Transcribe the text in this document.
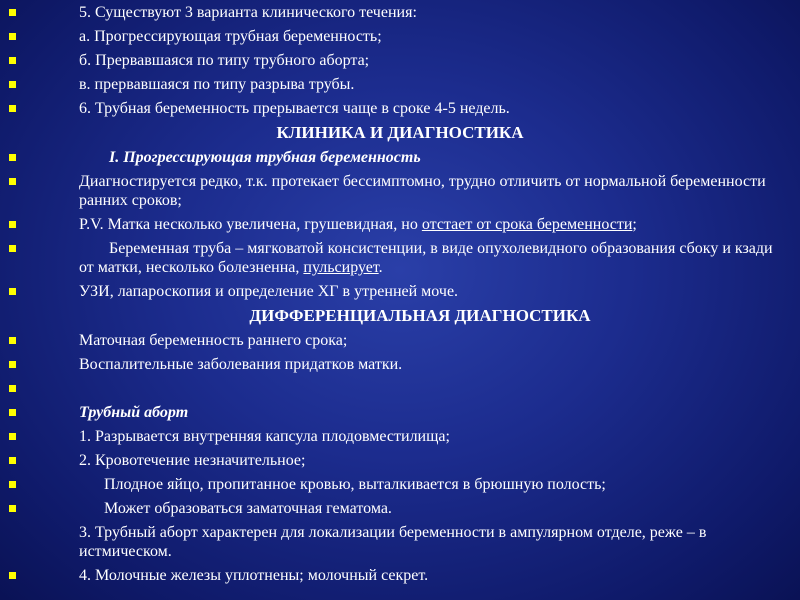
5. Существуют 3 варианта клинического течения:
а. Прогрессирующая трубная беременность;
б. Прервавшаяся по типу трубного аборта;
в. прервавшаяся по типу разрыва трубы.
6. Трубная беременность прерывается чаще в сроке 4-5 недель.
КЛИНИКА И ДИАГНОСТИКА
I. Прогрессирующая трубная беременность
Диагностируется редко, т.к. протекает бессимптомно, трудно отличить от нормальной беременности ранних сроков;
P.V. Матка несколько увеличена, грушевидная, но отстает от срока беременности;
Беременная труба – мягковатой консистенции, в виде опухолевидного образования сбоку и кзади от матки, несколько болезненна, пульсирует.
УЗИ, лапароскопия и определение ХГ в утренней моче.
ДИФФЕРЕНЦИАЛЬНАЯ ДИАГНОСТИКА
Маточная беременность раннего срока;
Воспалительные заболевания придатков матки.
Трубный аборт
1. Разрывается внутренняя капсула плодовместилища;
2. Кровотечение незначительное;
Плодное яйцо, пропитанное кровью, выталкивается в брюшную полость;
Может образоваться заматочная гематома.
3. Трубный аборт характерен для локализации беременности в ампулярном отделе, реже – в истмическом.
4. Молочные железы уплотнены; молочный секрет.
